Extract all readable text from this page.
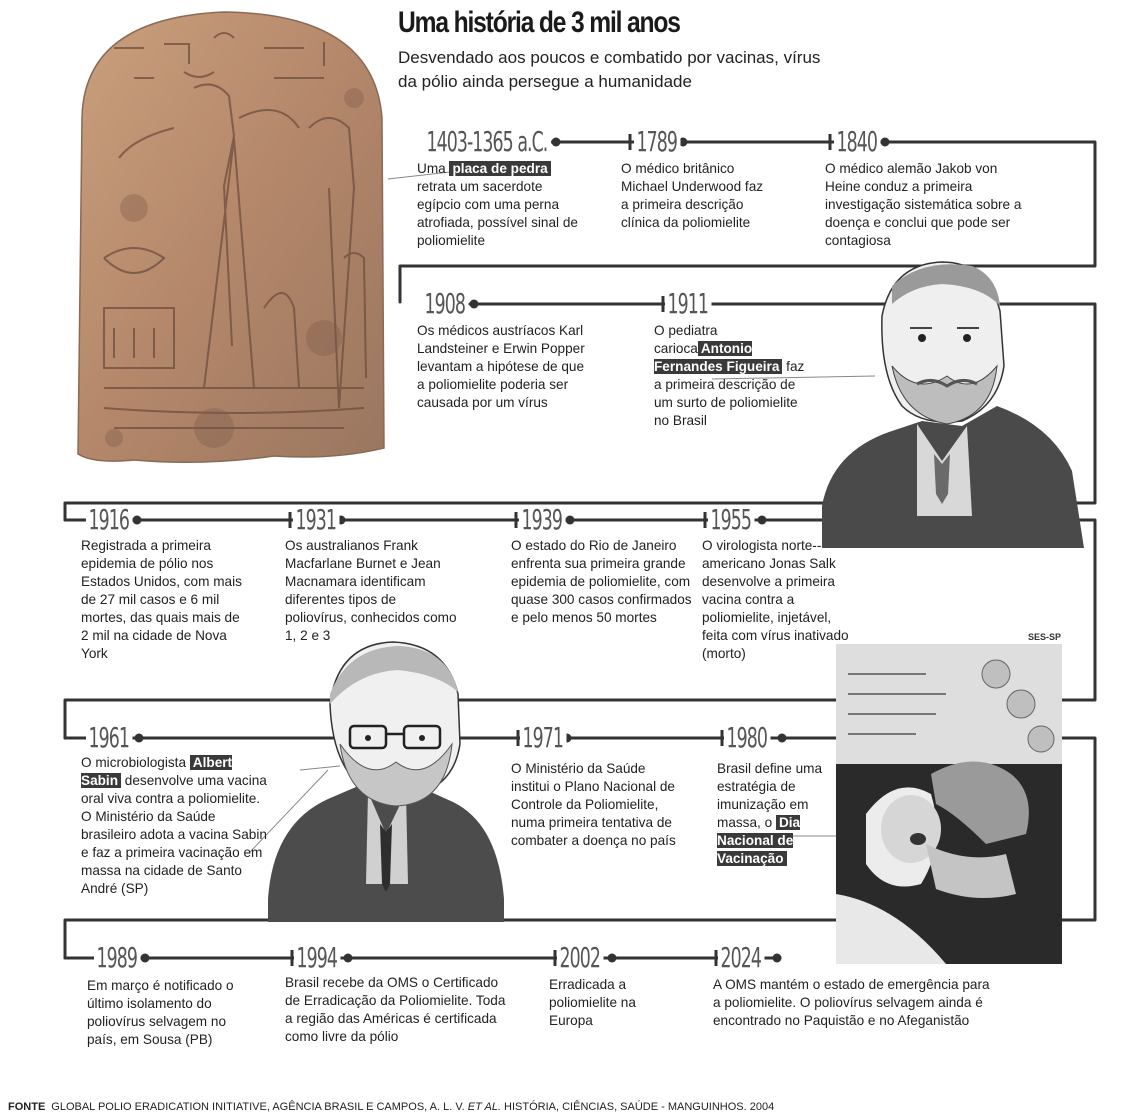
Uma história de 3 mil anos
Desvendado aos poucos e combatido por vacinas, vírus da pólio ainda persegue a humanidade
SES-SP
1403-1365 a.C.
Uma placa de pedra retrata um sacerdote egípcio com uma perna atrofiada, possível sinal de poliomielite
1789
O médico britânico Michael Underwood faz a primeira descrição clínica da poliomielite
1840
O médico alemão Jakob von Heine conduz a primeira investigação sistemática sobre a doença e conclui que pode ser contagiosa
1908
Os médicos austríacos Karl Landsteiner e Erwin Popper levantam a hipótese de que a poliomielite poderia ser causada por um vírus
1911
O pediatra carioca Antonio Fernandes Figueira faz a primeira descrição de um surto de poliomielite no Brasil
1916
Registrada a primeira epidemia de pólio nos Estados Unidos, com mais de 27 mil casos e 6 mil mortes, das quais mais de 2 mil na cidade de Nova York
1931
Os australianos Frank Macfarlane Burnet e Jean Macnamara identificam diferentes tipos de poliovírus, conhecidos como 1, 2 e 3
1939
O estado do Rio de Janeiro enfrenta sua primeira grande epidemia de poliomielite, com quase 300 casos confirmados e pelo menos 50 mortes
1955
O virologista norte--americano Jonas Salk desenvolve a primeira vacina contra a poliomielite, injetável, feita com vírus inativado (morto)
1961
O microbiologista Albert Sabin desenvolve uma vacina oral viva contra a poliomielite. O Ministério da Saúde brasileiro adota a vacina Sabin e faz a primeira vacinação em massa na cidade de Santo André (SP)
1971
O Ministério da Saúde institui o Plano Nacional de Controle da Poliomielite, numa primeira tentativa de combater a doença no país
1980
Brasil define uma estratégia de imunização em massa, o Dia Nacional de Vacinação
1989
Em março é notificado o último isolamento do poliovírus selvagem no país, em Sousa (PB)
1994
Brasil recebe da OMS o Certificado de Erradicação da Poliomielite. Toda a região das Américas é certificada como livre da pólio
2002
Erradicada a poliomielite na Europa
2024
A OMS mantém o estado de emergência para a poliomielite. O poliovírus selvagem ainda é encontrado no Paquistão e no Afeganistão
FONTE GLOBAL POLIO ERADICATION INITIATIVE, AGÊNCIA BRASIL E CAMPOS, A. L. V. ET AL. HISTÓRIA, CIÊNCIAS, SAÚDE - MANGUINHOS. 2004
